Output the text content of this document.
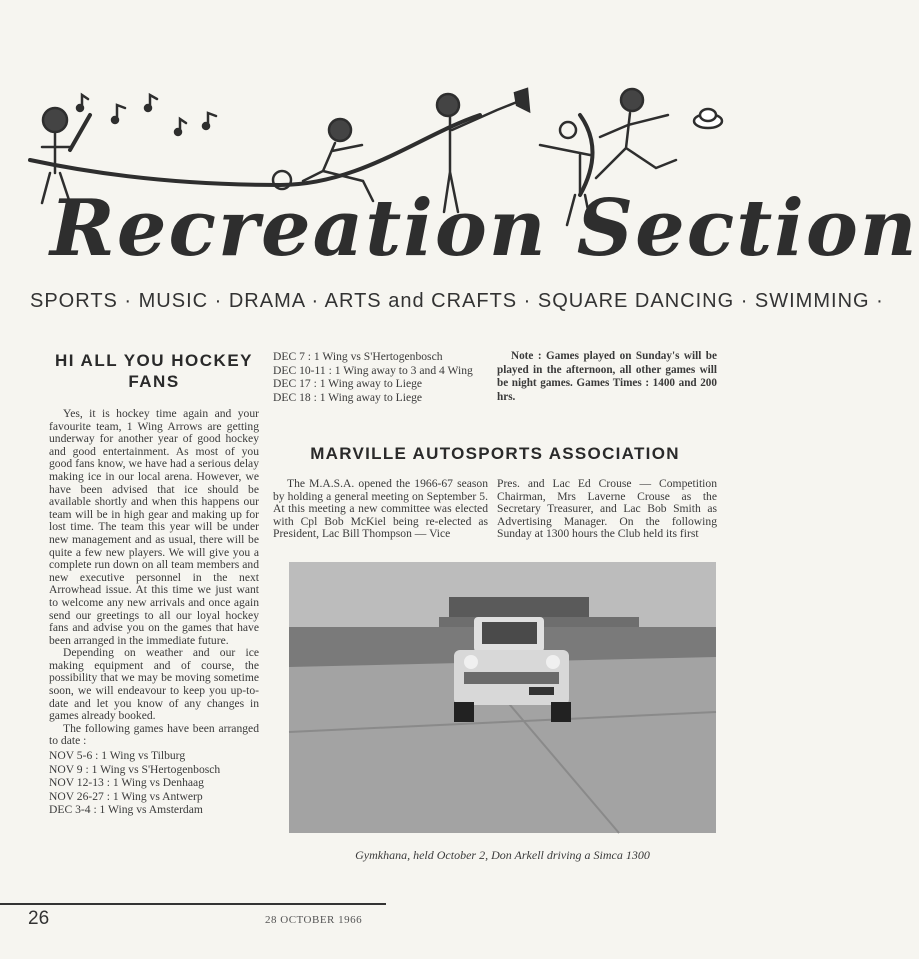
Recreation Section
SPORTS · MUSIC · DRAMA · ARTS and CRAFTS · SQUARE DANCING · SWIMMING ·
HI ALL YOU HOCKEY FANS

Yes, it is hockey time again and your favourite team, 1 Wing Arrows are getting underway for another year of good hockey and good entertainment. As most of you good fans know, we have had a serious delay making ice in our local arena. However, we have been advised that ice should be available shortly and when this happens our team will be in high gear and making up for lost time. The team this year will be under new management and as usual, there will be quite a few new players. We will give you a complete run down on all team members and new executive personnel in the next Arrowhead issue. At this time we just want to welcome any new arrivals and once again send our greetings to all our loyal hockey fans and advise you on the games that have been arranged in the immediate future.

Depending on weather and our ice making equipment and of course, the possibility that we may be moving sometime soon, we will endeavour to keep you up-to-date and let you know of any changes in games already booked.

The following games have been arranged to date :

NOV 5-6 : 1 Wing vs Tilburg
NOV 9 : 1 Wing vs S'Hertogenbosch
NOV 12-13 : 1 Wing vs Denhaag
NOV 26-27 : 1 Wing vs Antwerp
DEC 3-4 : 1 Wing vs Amsterdam
DEC 7 : 1 Wing vs S'Hertogenbosch
DEC 10-11 : 1 Wing away to 3 and 4 Wing
DEC 17 : 1 Wing away to Liege
DEC 18 : 1 Wing away to Liege

Note : Games played on Sunday's will be played in the afternoon, all other games will be night games. Games Times : 1400 and 200 hrs.

MARVILLE AUTOSPORTS ASSOCIATION

The M.A.S.A. opened the 1966-67 season by holding a general meeting on September 5. At this meeting a new committee was elected with Cpl Bob McKiel being re-elected as President, Lac Bill Thompson — Vice

Pres. and Lac Ed Crouse — Competition Chairman, Mrs Laverne Crouse as the Secretary Treasurer, and Lac Bob Smith as Advertising Manager. On the following Sunday at 1300 hours the Club held its first

Gymkhana, held October 2, Don Arkell driving a Simca 1300
26	28 OCTOBER 1966
